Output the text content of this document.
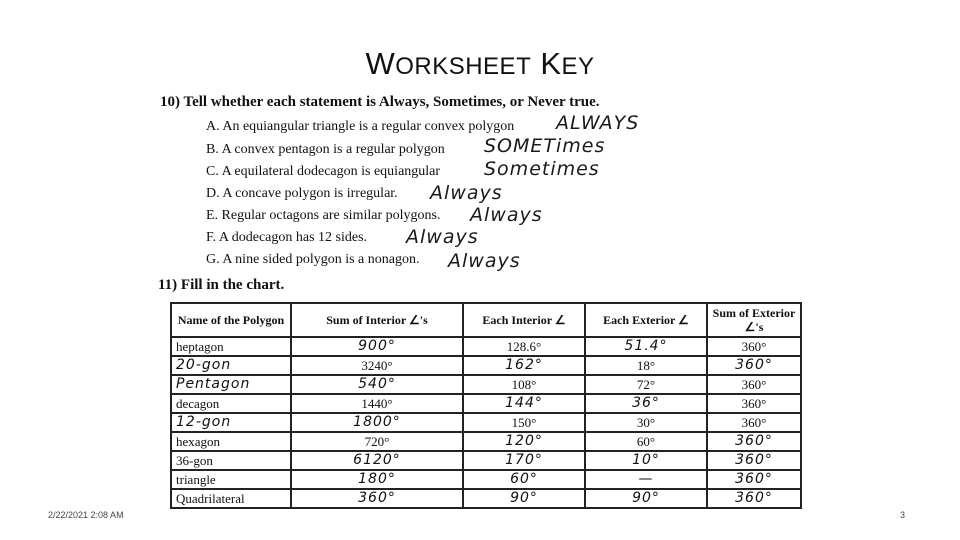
WORKSHEET KEY
10) Tell whether each statement is Always, Sometimes, or Never true.
A. An equiangular triangle is a regular convex polygon ALWAYS
B. A convex pentagon is a regular polygon SOMETimes
C. A equilateral dodecagon is equiangular Sometimes
D. A concave polygon is irregular. Always
E. Regular octagons are similar polygons. Always
F. A dodecagon has 12 sides. Always
G. A nine sided polygon is a nonagon. Always
11) Fill in the chart.
Name of the Polygon	Sum of Interior ∠'s	Each Interior ∠	Each Exterior ∠	Sum of Exterior ∠'s
heptagon	900°	128.6°	51.4°	360°
20-gon	3240°	162°	18°	360°
Pentagon	540°	108°	72°	360°
decagon	1440°	144°	36°	360°
12-gon	1800°	150°	30°	360°
hexagon	720°	120°	60°	360°
36-gon	6120°	170°	10°	360°
triangle	180°	60°	—	360°
Quadrilateral	360°	90°	90°	360°
2/22/2021 2:08 AM	3
